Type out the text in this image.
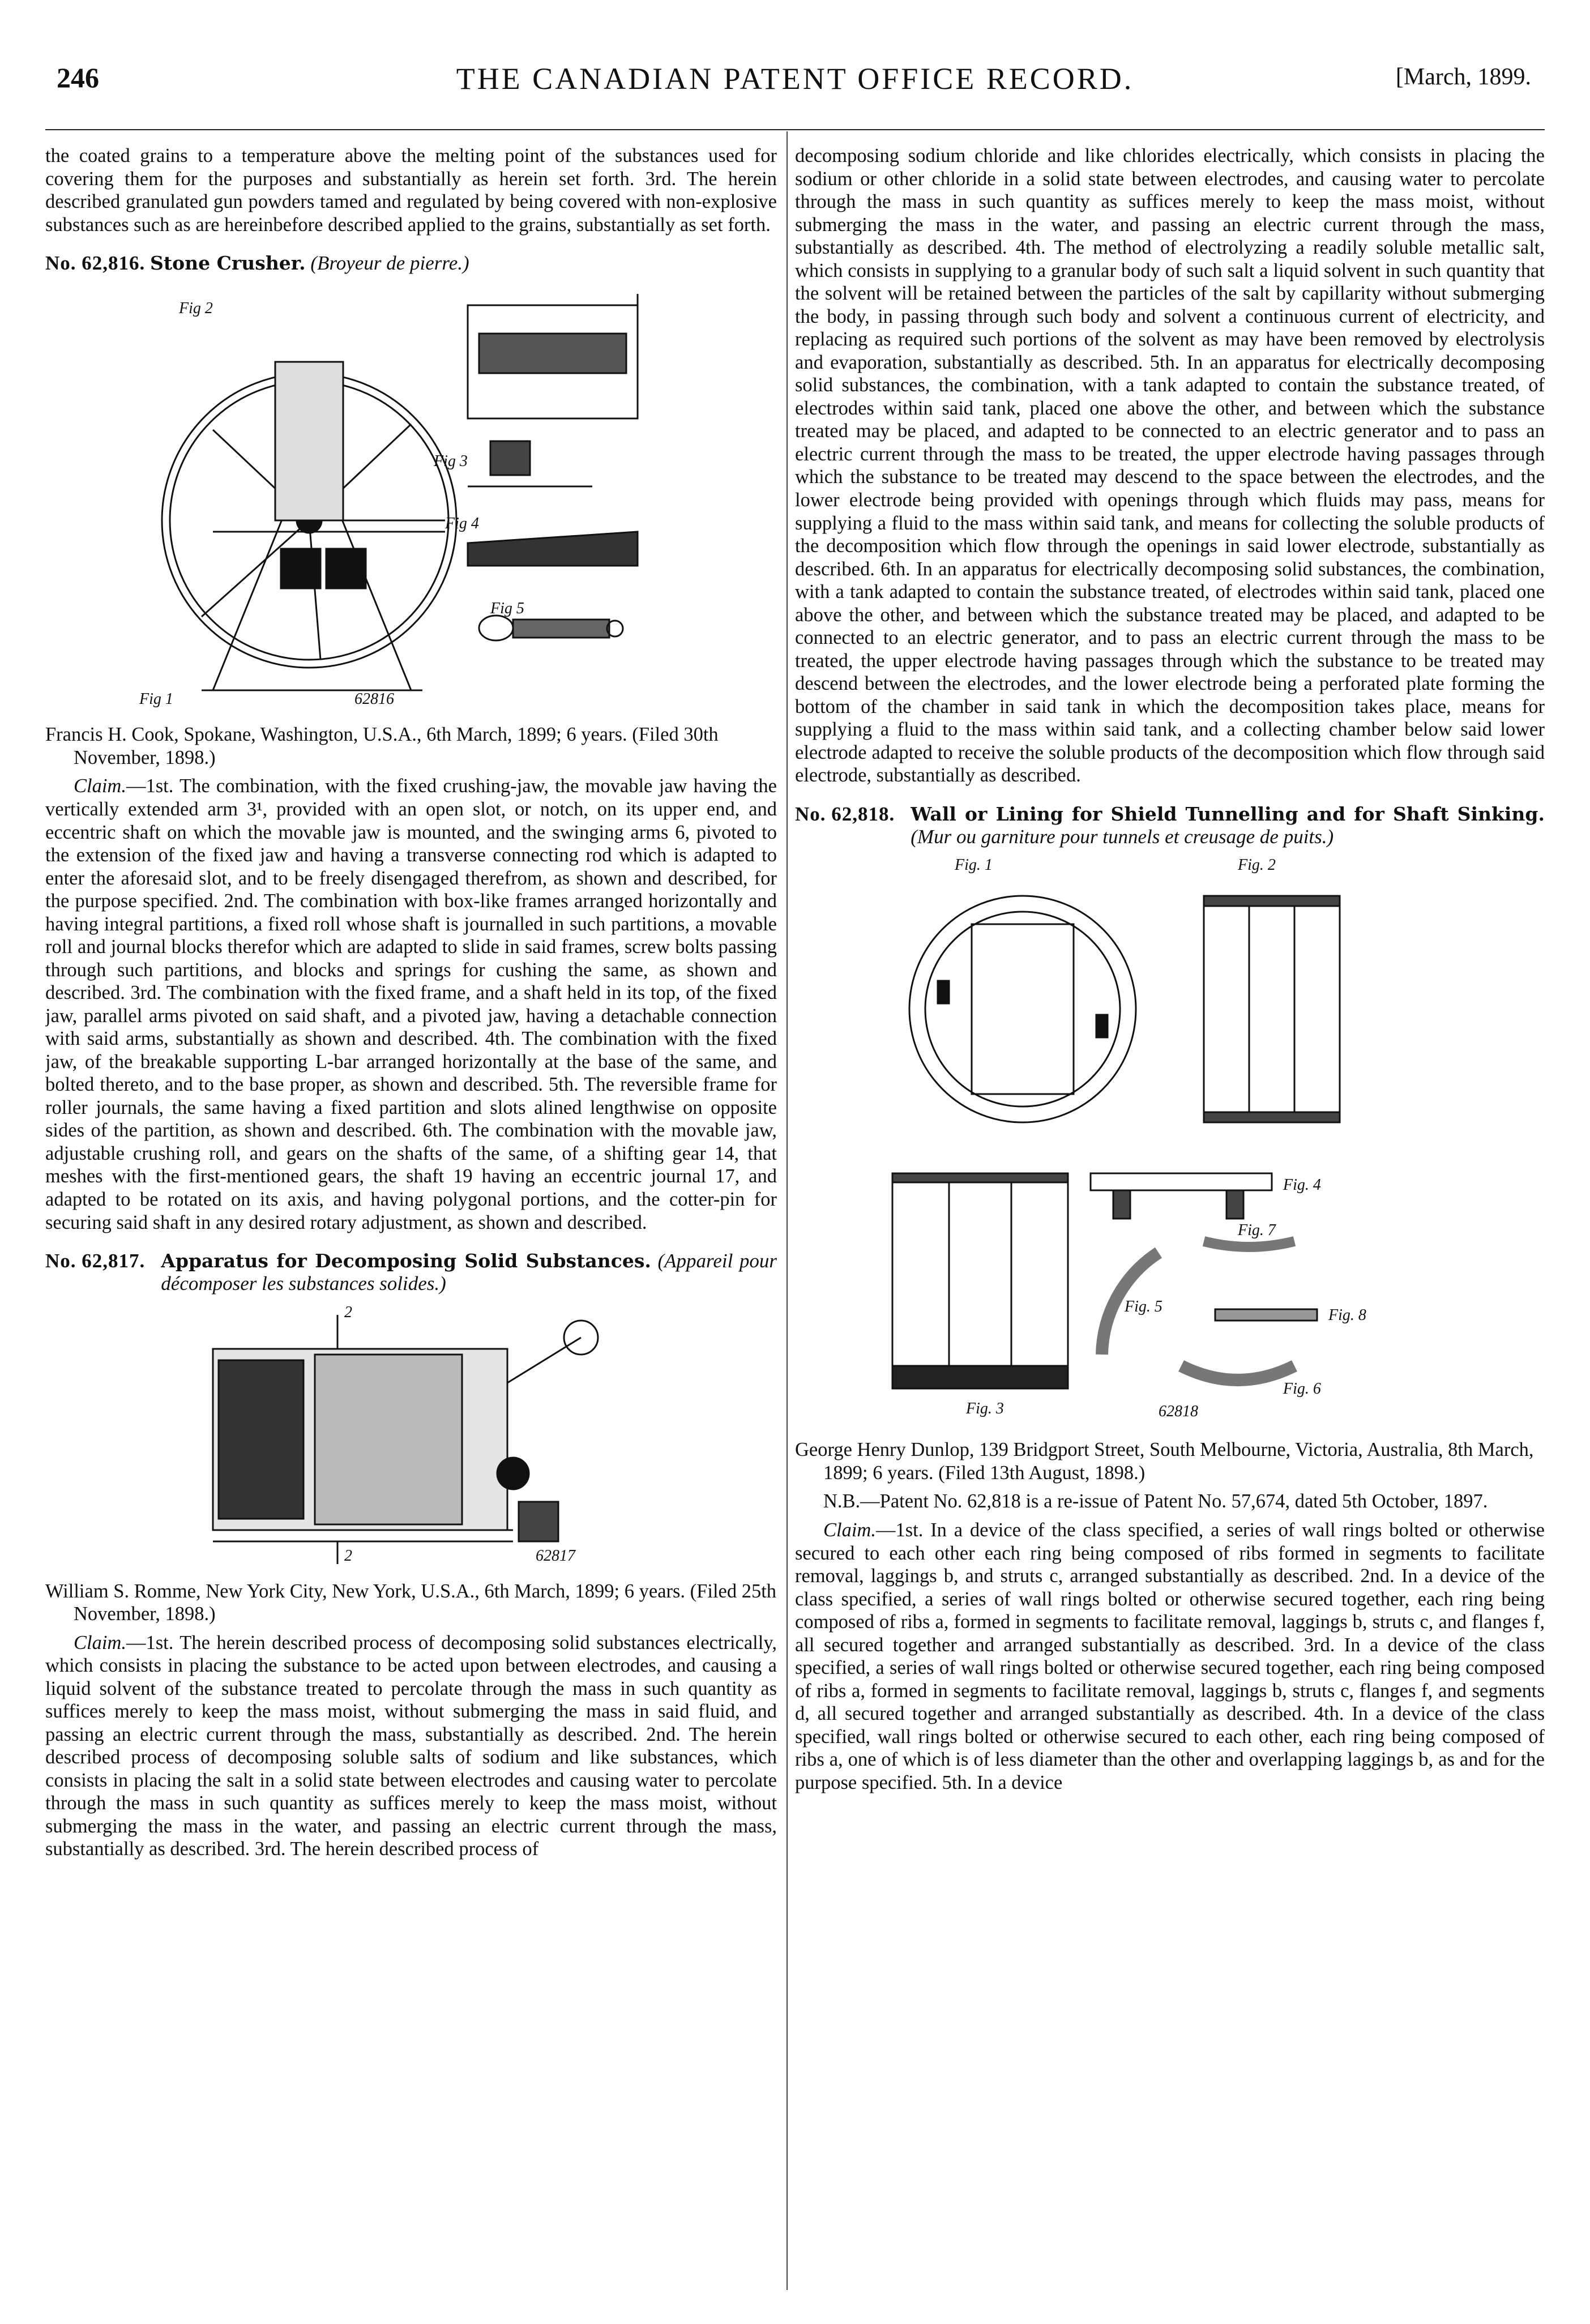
246	THE CANADIAN PATENT OFFICE RECORD.	[March, 1899.

the coated grains to a temperature above the melting point of the substances used for covering them for the purposes and substantially as herein set forth. 3rd. The herein described granulated gun powders tamed and regulated by being covered with non-explosive substances such as are hereinbefore described applied to the grains, substantially as set forth.

No. 62,816. Stone Crusher. (Broyeur de pierre.)
Fig 2
Fig 3
Fig 4
Fig 5
Fig 1	62816

Francis H. Cook, Spokane, Washington, U.S.A., 6th March, 1899; 6 years. (Filed 30th November, 1898.)

Claim.—1st. The combination, with the fixed crushing-jaw, the movable jaw having the vertically extended arm 3¹, provided with an open slot, or notch, on its upper end, and eccentric shaft on which the movable jaw is mounted, and the swinging arms 6, pivoted to the extension of the fixed jaw and having a transverse connecting rod which is adapted to enter the aforesaid slot, and to be freely disengaged therefrom, as shown and described, for the purpose specified. 2nd. The combination with box-like frames arranged horizontally and having integral partitions, a fixed roll whose shaft is journalled in such partitions, a movable roll and journal blocks therefor which are adapted to slide in said frames, screw bolts passing through such partitions, and blocks and springs for cushing the same, as shown and described. 3rd. The combination with the fixed frame, and a shaft held in its top, of the fixed jaw, parallel arms pivoted on said shaft, and a pivoted jaw, having a detachable connection with said arms, substantially as shown and described. 4th. The combination with the fixed jaw, of the breakable supporting L-bar arranged horizontally at the base of the same, and bolted thereto, and to the base proper, as shown and described. 5th. The reversible frame for roller journals, the same having a fixed partition and slots alined lengthwise on opposite sides of the partition, as shown and described. 6th. The combination with the movable jaw, adjustable crushing roll, and gears on the shafts of the same, of a shifting gear 14, that meshes with the first-mentioned gears, the shaft 19 having an eccentric journal 17, and adapted to be rotated on its axis, and having polygonal portions, and the cotter-pin for securing said shaft in any desired rotary adjustment, as shown and described.

No. 62,817. Apparatus for Decomposing Solid Substances. (Appareil pour décomposer les substances solides.)
2
2	62817

William S. Romme, New York City, New York, U.S.A., 6th March, 1899; 6 years. (Filed 25th November, 1898.)

Claim.—1st. The herein described process of decomposing solid substances electrically, which consists in placing the substance to be acted upon between electrodes, and causing a liquid solvent of the substance treated to percolate through the mass in such quantity as suffices merely to keep the mass moist, without submerging the mass in said fluid, and passing an electric current through the mass, substantially as described. 2nd. The herein described process of decomposing soluble salts of sodium and like substances, which consists in placing the salt in a solid state between electrodes and causing water to percolate through the mass in such quantity as suffices merely to keep the mass moist, without submerging the mass in the water, and passing an electric current through the mass, substantially as described. 3rd. The herein described process of

decomposing sodium chloride and like chlorides electrically, which consists in placing the sodium or other chloride in a solid state between electrodes, and causing water to percolate through the mass in such quantity as suffices merely to keep the mass moist, without submerging the mass in the water, and passing an electric current through the mass, substantially as described. 4th. The method of electrolyzing a readily soluble metallic salt, which consists in supplying to a granular body of such salt a liquid solvent in such quantity that the solvent will be retained between the particles of the salt by capillarity without submerging the body, in passing through such body and solvent a continuous current of electricity, and replacing as required such portions of the solvent as may have been removed by electrolysis and evaporation, substantially as described. 5th. In an apparatus for electrically decomposing solid substances, the combination, with a tank adapted to contain the substance treated, of electrodes within said tank, placed one above the other, and between which the substance treated may be placed, and adapted to be connected to an electric generator and to pass an electric current through the mass to be treated, the upper electrode having passages through which the substance to be treated may descend to the space between the electrodes, and the lower electrode being provided with openings through which fluids may pass, means for supplying a fluid to the mass within said tank, and means for collecting the soluble products of the decomposition which flow through the openings in said lower electrode, substantially as described. 6th. In an apparatus for electrically decomposing solid substances, the combination, with a tank adapted to contain the substance treated, of electrodes within said tank, placed one above the other, and between which the substance treated may be placed, and adapted to be connected to an electric generator, and to pass an electric current through the mass to be treated, the upper electrode having passages through which the substance to be treated may descend between the electrodes, and the lower electrode being a perforated plate forming the bottom of the chamber in said tank in which the decomposition takes place, means for supplying a fluid to the mass within said tank, and a collecting chamber below said lower electrode adapted to receive the soluble products of the decomposition which flow through said electrode, substantially as described.

No. 62,818. Wall or Lining for Shield Tunnelling and for Shaft Sinking. (Mur ou garniture pour tunnels et creusage de puits.)
Fig. 1	Fig. 2
Fig. 3
Fig. 4
Fig. 5
Fig. 6
Fig. 7
Fig. 8
62818

George Henry Dunlop, 139 Bridgport Street, South Melbourne, Victoria, Australia, 8th March, 1899; 6 years. (Filed 13th August, 1898.)

N.B.—Patent No. 62,818 is a re-issue of Patent No. 57,674, dated 5th October, 1897.

Claim.—1st. In a device of the class specified, a series of wall rings bolted or otherwise secured to each other each ring being composed of ribs formed in segments to facilitate removal, laggings b, and struts c, arranged substantially as described. 2nd. In a device of the class specified, a series of wall rings bolted or otherwise secured together, each ring being composed of ribs a, formed in segments to facilitate removal, laggings b, struts c, and flanges f, all secured together and arranged substantially as described. 3rd. In a device of the class specified, a series of wall rings bolted or otherwise secured together, each ring being composed of ribs a, formed in segments to facilitate removal, laggings b, struts c, flanges f, and segments d, all secured together and arranged substantially as described. 4th. In a device of the class specified, wall rings bolted or otherwise secured to each other, each ring being composed of ribs a, one of which is of less diameter than the other and overlapping laggings b, as and for the purpose specified. 5th. In a device
